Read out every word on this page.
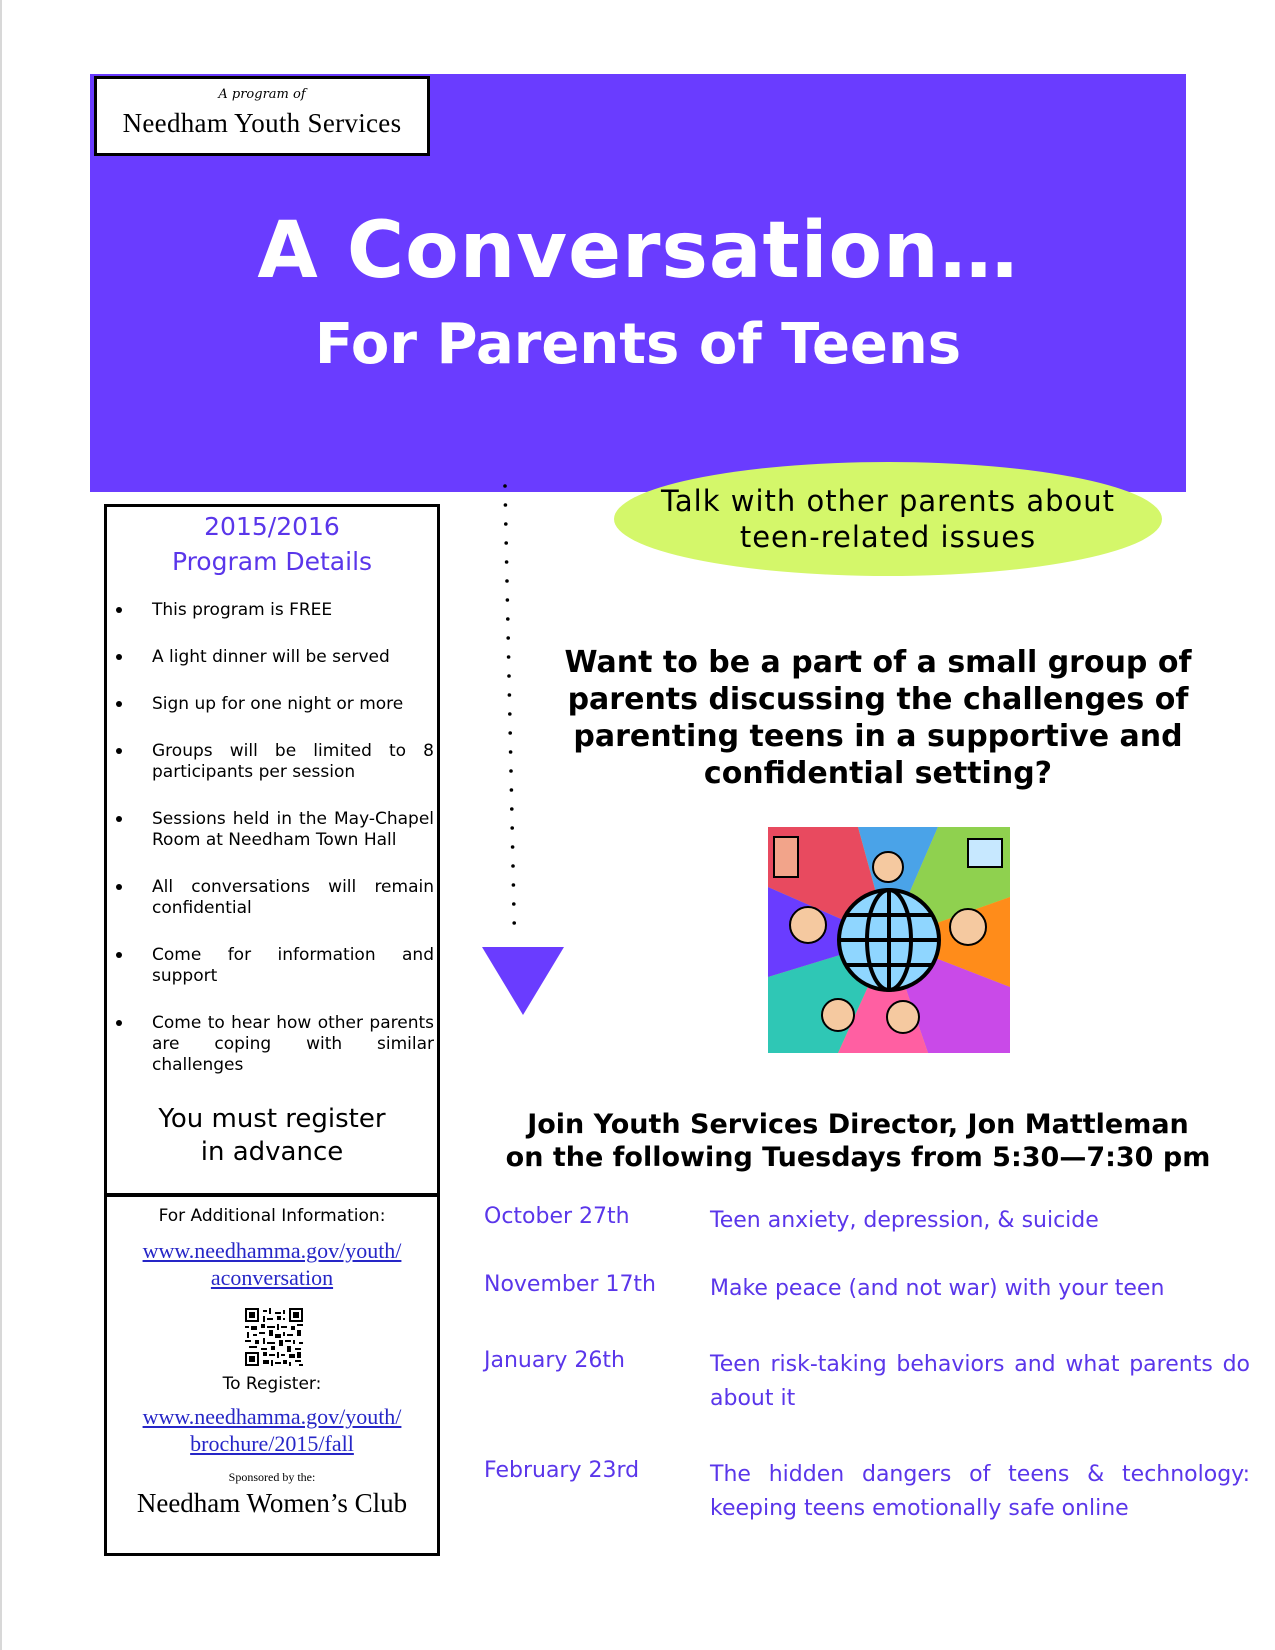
A program of
Needham Youth Services
A Conversation…
For Parents of Teens
Talk with other parents about
teen-related issues
2015/2016
Program Details
This program is FREE
A light dinner will be served
Sign up for one night or more
Groups will be limited to 8 participants per session
Sessions held in the May-Chapel Room at Needham Town Hall
All conversations will remain confidential
Come for information and support
Come to hear how other parents are coping with similar challenges
You must register
in advance
For Additional Information:
www.needhamma.gov/youth/
aconversation
To Register:
www.needhamma.gov/youth/
brochure/2015/fall
Sponsored by the:
Needham Women’s Club
Want to be a part of a small group of parents discussing the challenges of parenting teens in a supportive and confidential setting?
Join Youth Services Director, Jon Mattleman
on the following Tuesdays from 5:30—7:30 pm
October 27th	Teen anxiety, depression, & suicide
November 17th	Make peace (and not war) with your teen
January 26th	Teen risk-taking behaviors and what parents do about it
February 23rd	The hidden dangers of teens & technology: keeping teens emotionally safe online
